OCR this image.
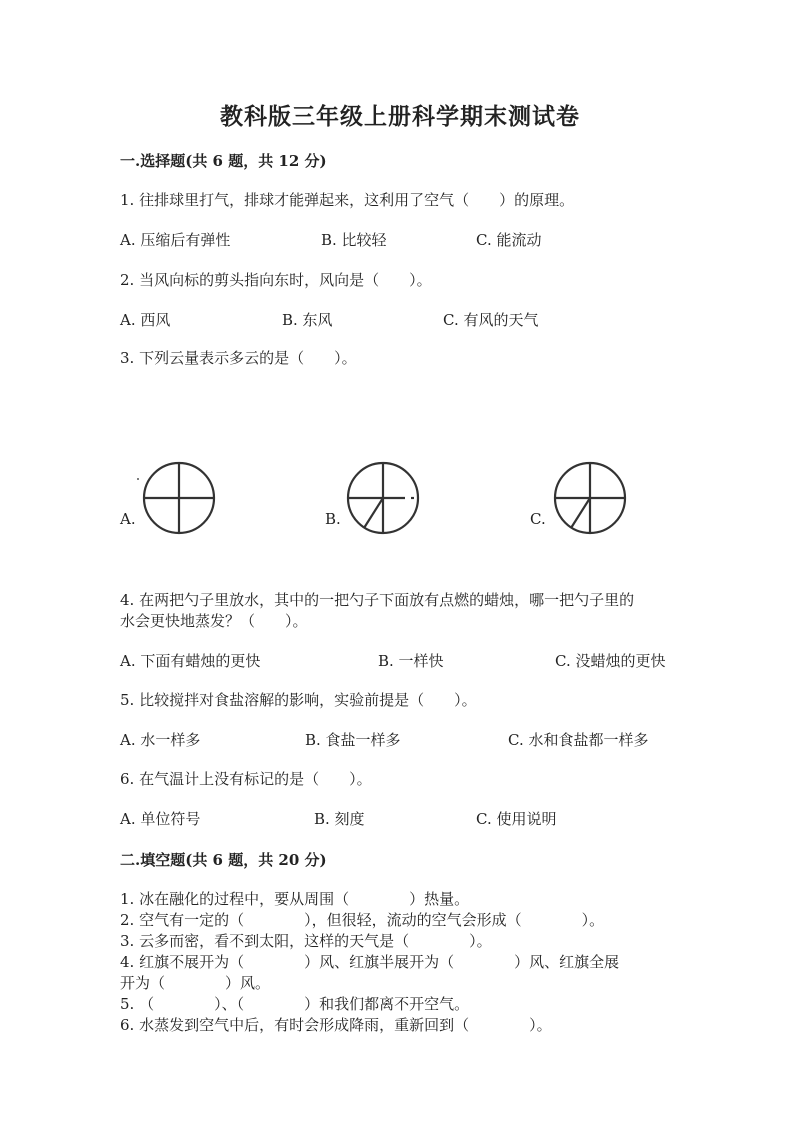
教科版三年级上册科学期末测试卷
一.选择题(共 6 题，共 12 分)
1. 往排球里打气，排球才能弹起来，这利用了空气（　　）的原理。
A. 压缩后有弹性	B. 比较轻	C. 能流动
2. 当风向标的剪头指向东时，风向是（　　）。
A. 西风	B. 东风	C. 有风的天气
3. 下列云量表示多云的是（　　）。
A.	B.	C.
4. 在两把勺子里放水，其中的一把勺子下面放有点燃的蜡烛，哪一把勺子里的
水会更快地蒸发？（　　）。
A. 下面有蜡烛的更快	B. 一样快	C. 没蜡烛的更快
5. 比较搅拌对食盐溶解的影响，实验前提是（　　）。
A. 水一样多	B. 食盐一样多	C. 水和食盐都一样多
6. 在气温计上没有标记的是（　　）。
A. 单位符号	B. 刻度	C. 使用说明
二.填空题(共 6 题，共 20 分)
1. 冰在融化的过程中，要从周围（　　　　）热量。
2. 空气有一定的（　　　　），但很轻，流动的空气会形成（　　　　）。
3. 云多而密，看不到太阳，这样的天气是（　　　　）。
4. 红旗不展开为（　　　　）风、红旗半展开为（　　　　）风、红旗全展
开为（　　　　）风。
5. （　　　　）、（　　　　）和我们都离不开空气。
6. 水蒸发到空气中后，有时会形成降雨，重新回到（　　　　）。
